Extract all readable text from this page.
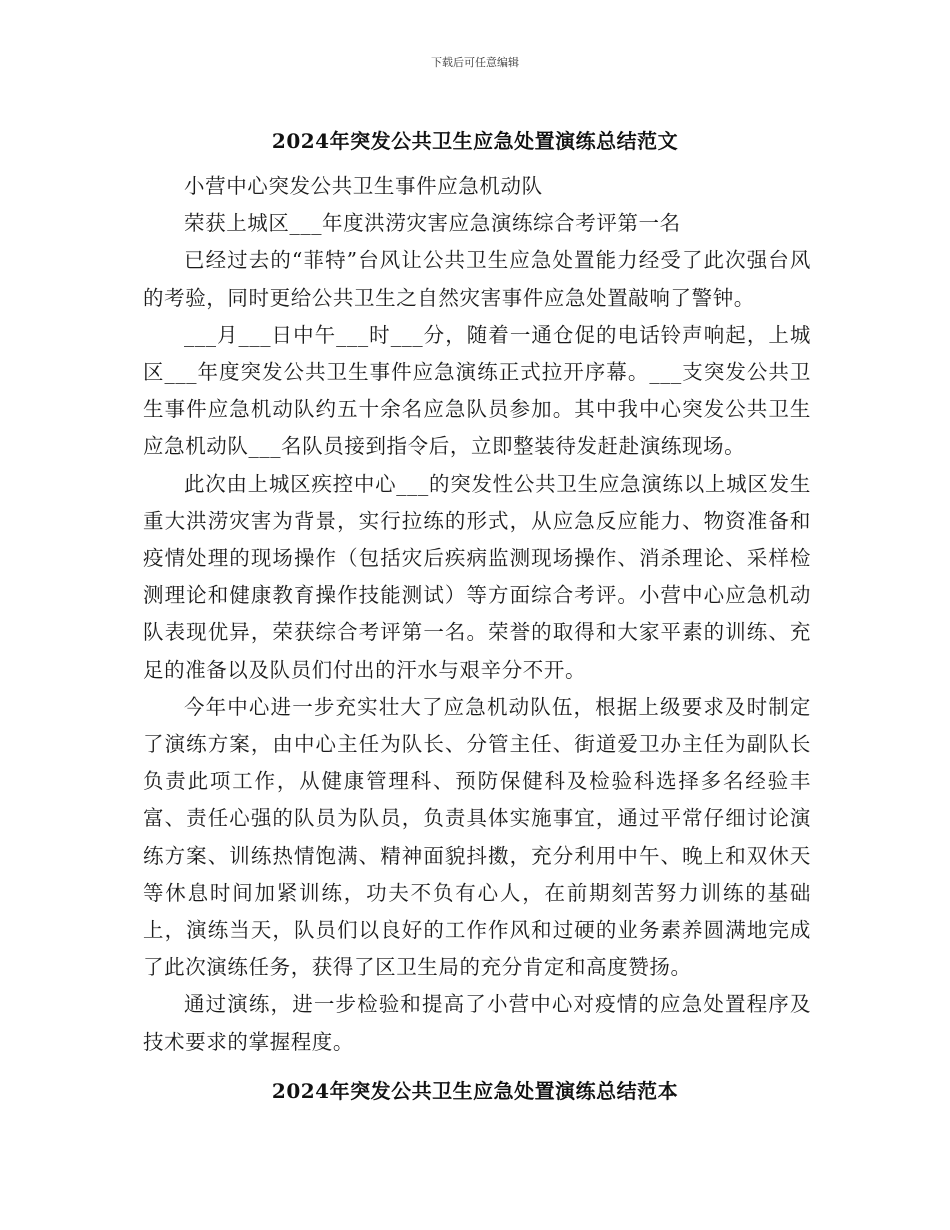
下载后可任意编辑
2024年突发公共卫生应急处置演练总结范文

小营中心突发公共卫生事件应急机动队

荣获上城区___年度洪涝灾害应急演练综合考评第一名

已经过去的“菲特”台风让公共卫生应急处置能力经受了此次强台风的考验，同时更给公共卫生之自然灾害事件应急处置敲响了警钟。

___月___日中午___时___分，随着一通仓促的电话铃声响起，上城区___年度突发公共卫生事件应急演练正式拉开序幕。___支突发公共卫生事件应急机动队约五十余名应急队员参加。其中我中心突发公共卫生应急机动队___名队员接到指令后，立即整装待发赶赴演练现场。

此次由上城区疾控中心___的突发性公共卫生应急演练以上城区发生重大洪涝灾害为背景，实行拉练的形式，从应急反应能力、物资准备和疫情处理的现场操作（包括灾后疾病监测现场操作、消杀理论、采样检测理论和健康教育操作技能测试）等方面综合考评。小营中心应急机动队表现优异，荣获综合考评第一名。荣誉的取得和大家平素的训练、充足的准备以及队员们付出的汗水与艰辛分不开。

今年中心进一步充实壮大了应急机动队伍，根据上级要求及时制定了演练方案，由中心主任为队长、分管主任、街道爱卫办主任为副队长负责此项工作，从健康管理科、预防保健科及检验科选择多名经验丰富、责任心强的队员为队员，负责具体实施事宜，通过平常仔细讨论演练方案、训练热情饱满、精神面貌抖擞，充分利用中午、晚上和双休天等休息时间加紧训练，功夫不负有心人，在前期刻苦努力训练的基础上，演练当天，队员们以良好的工作作风和过硬的业务素养圆满地完成了此次演练任务，获得了区卫生局的充分肯定和高度赞扬。

通过演练，进一步检验和提高了小营中心对疫情的应急处置程序及技术要求的掌握程度。

2024年突发公共卫生应急处置演练总结范本
